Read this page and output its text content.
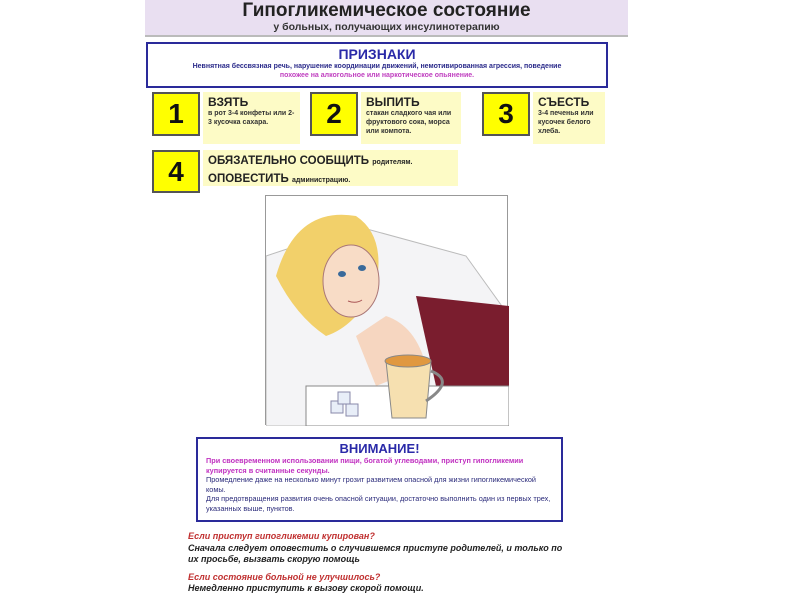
Гипогликемическое состояние
у больных, получающих инсулинотерапию
ПРИЗНАКИ
Невнятная бессвязная речь, нарушение координации движений, немотивированная агрессия, поведение
похожее на алкогольное или наркотическое опьянение.
1	ВЗЯТЬ
в рот 3-4 конфеты или 2-3 кусочка сахара.	2	ВЫПИТЬ
стакан сладкого чая или фруктового сока, морса или компота.
3	СЪЕСТЬ
3-4 печенья или кусочек белого хлеба.
4	ОБЯЗАТЕЛЬНО СООБЩИТЬ родителям.
ОПОВЕСТИТЬ администрацию.
ВНИМАНИЕ!

При своевременном использовании пищи, богатой углеводами, приступ гипогликемии купируется в считанные секунды.

Промедление даже на несколько минут грозит развитием опасной для жизни гипогликемической комы.

Для предотвращения развития очень опасной ситуации, достаточно выполнить один из первых трех, указанных выше, пунктов.

Если приступ гипогликемии купирован?

Сначала следует оповестить о случившемся приступе родителей, и только по их просьбе, вызвать скорую помощь

Если состояние больной не улучшилось?

Немедленно приступить к вызову скорой помощи.
